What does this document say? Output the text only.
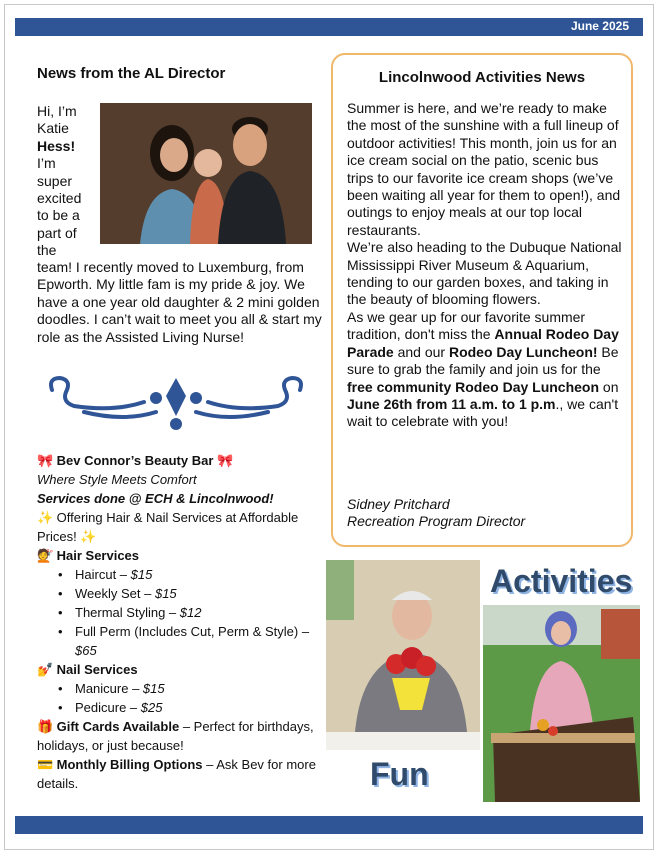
June 2025
News from the AL Director
Hi, I’m
Katie
Hess!
I’m
super
excited
to be a
part of
the
team! I recently moved to Luxemburg, from Epworth. My little fam is my pride & joy. We have a one year old daughter & 2 mini golden doodles. I can’t wait to meet you all & start my role as the Assisted Living Nurse!
🎀 Bev Connor’s Beauty Bar 🎀
Where Style Meets Comfort
Services done @ ECH & Lincolnwood!
✨ Offering Hair & Nail Services at Affordable Prices! ✨
💇 Hair Services
• Haircut – $15
• Weekly Set – $15
• Thermal Styling – $12
• Full Perm (Includes Cut, Perm & Style) – $65
💅 Nail Services
• Manicure – $15
• Pedicure – $25
🎁 Gift Cards Available – Perfect for birthdays, holidays, or just because!
💳 Monthly Billing Options – Ask Bev for more details.
Lincolnwood Activities News
Summer is here, and we’re ready to make the most of the sunshine with a full lineup of outdoor activities! This month, join us for an ice cream social on the patio, scenic bus trips to our favorite ice cream shops (we’ve been waiting all year for them to open!), and outings to enjoy meals at our top local restaurants.
We’re also heading to the Dubuque National Mississippi River Museum & Aquarium, tending to our garden boxes, and taking in the beauty of blooming flowers.
As we gear up for our favorite summer tradition, don't miss the Annual Rodeo Day Parade and our Rodeo Day Luncheon! Be sure to grab the family and join us for the free community Rodeo Day Luncheon on June 26th from 11 a.m. to 1 p.m., we can't wait to celebrate with you!
Sidney Pritchard
Recreation Program Director
Activities
Fun
